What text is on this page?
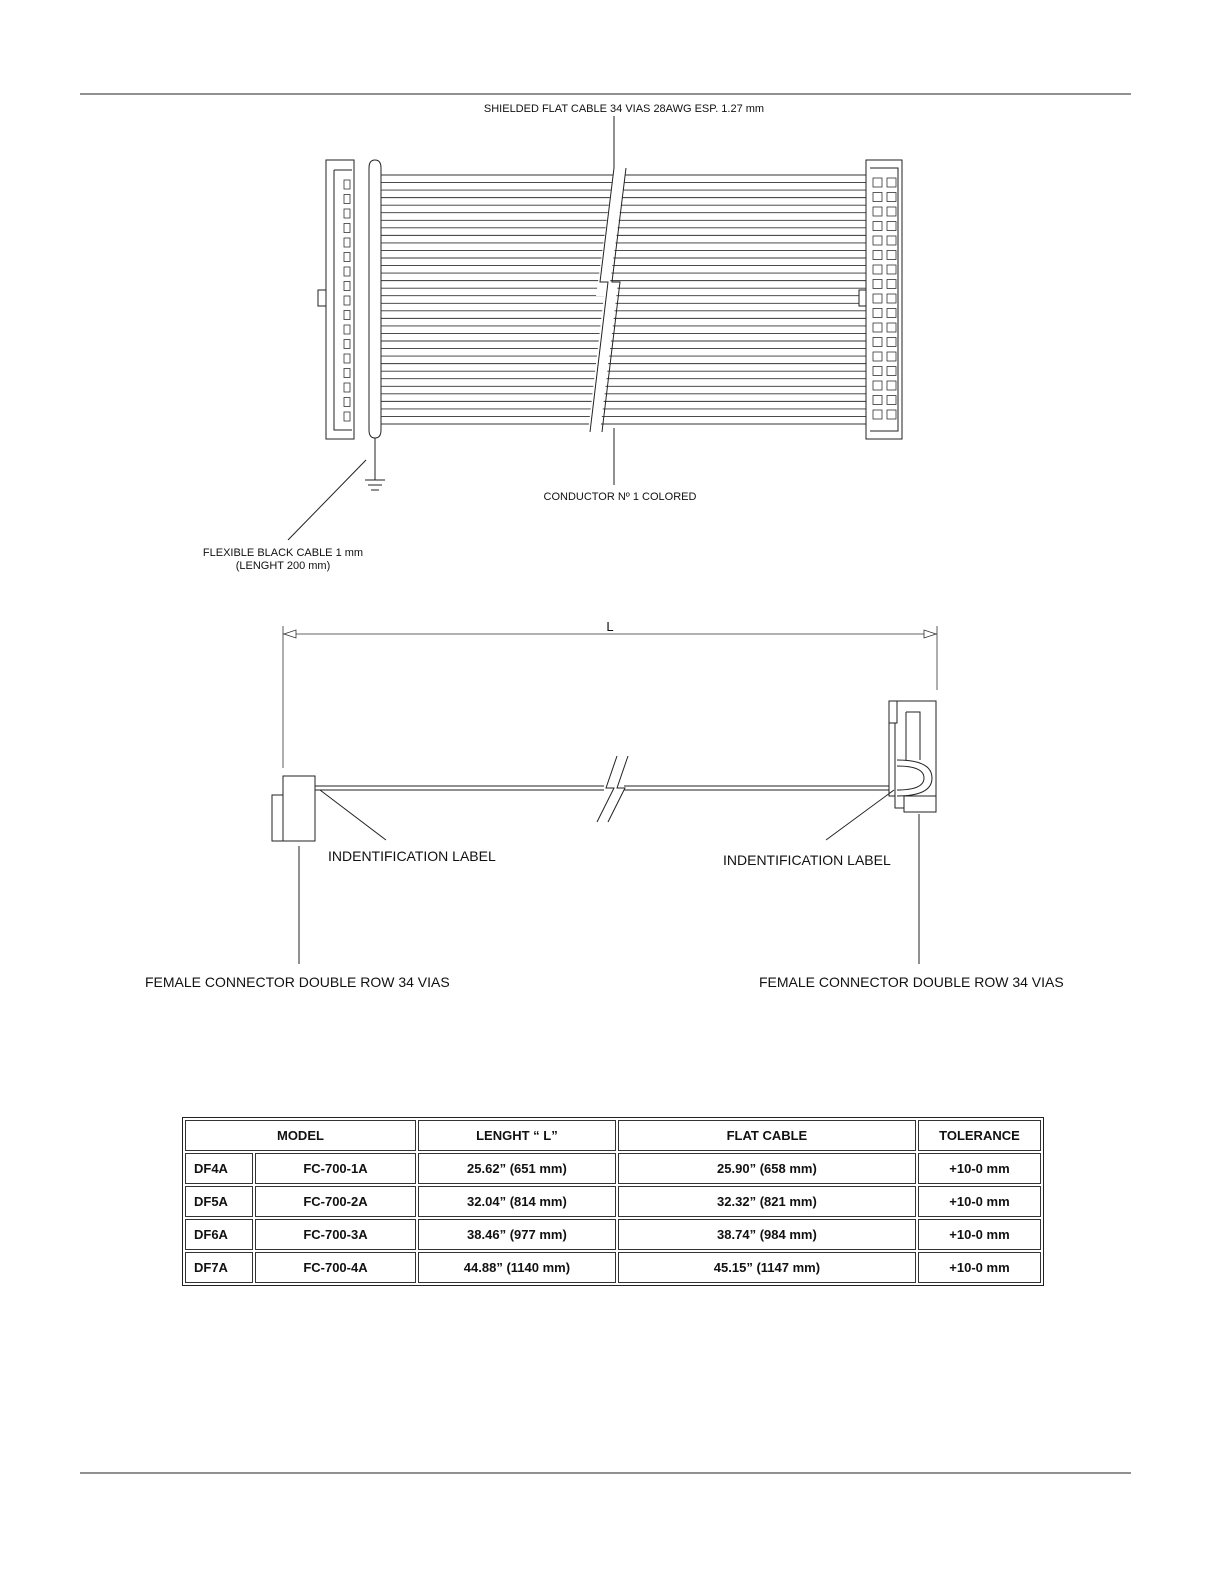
SHIELDED FLAT CABLE 34 VIAS 28AWG ESP. 1.27 mm
CONDUCTOR Nº 1 COLORED
FLEXIBLE BLACK CABLE 1 mm
(LENGHT 200 mm)
L
INDENTIFICATION LABEL	INDENTIFICATION LABEL
FEMALE CONNECTOR DOUBLE ROW 34 VIAS	FEMALE CONNECTOR DOUBLE ROW 34 VIAS
MODEL		LENGHT “ L”	FLAT CABLE	TOLERANCE
DF4A	FC-700-1A	25.62” (651 mm)	25.90” (658 mm)	+10-0 mm
DF5A	FC-700-2A	32.04” (814 mm)	32.32” (821 mm)	+10-0 mm
DF6A	FC-700-3A	38.46” (977 mm)	38.74” (984 mm)	+10-0 mm
DF7A	FC-700-4A	44.88” (1140 mm)	45.15” (1147 mm)	+10-0 mm
